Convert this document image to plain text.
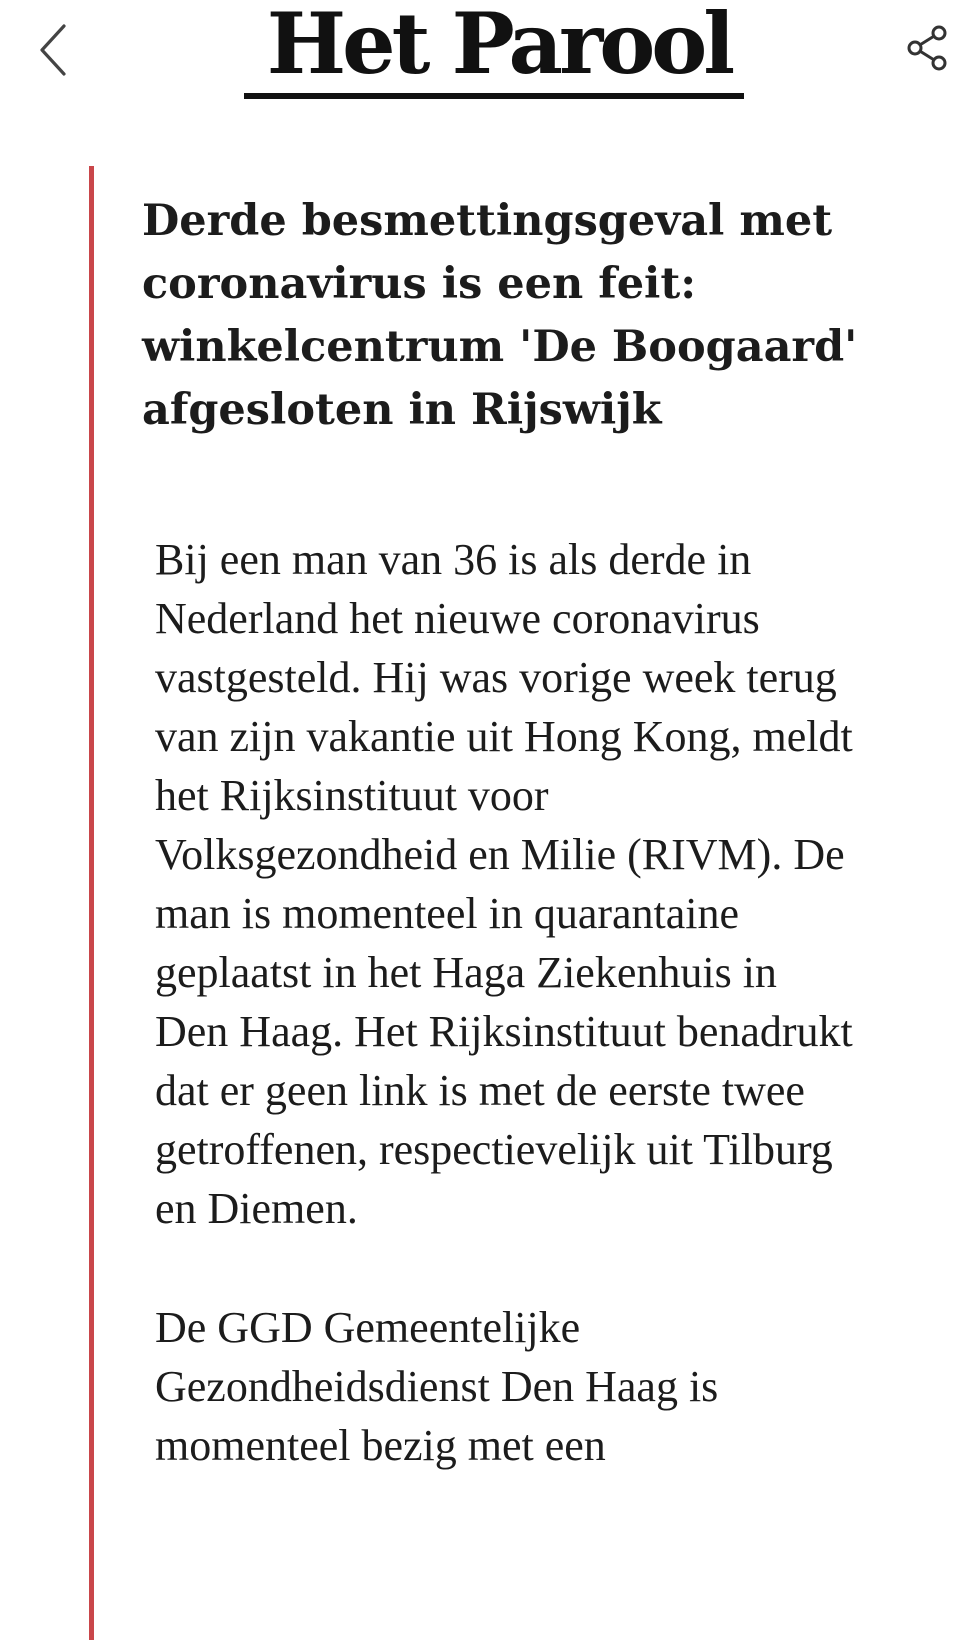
Het Parool
Derde besmettingsgeval met coronavirus is een feit: winkelcentrum 'De Boogaard' afgesloten in Rijswijk

Bij een man van 36 is als derde in Nederland het nieuwe coronavirus vastgesteld. Hij was vorige week terug van zijn vakantie uit Hong Kong, meldt het Rijksinstituut voor Volksgezondheid en Milie (RIVM). De man is momenteel in quarantaine geplaatst in het Haga Ziekenhuis in Den Haag. Het Rijksinstituut benadrukt dat er geen link is met de eerste twee getroffenen, respectievelijk uit Tilburg en Diemen.

De GGD Gemeentelijke Gezondheidsdienst Den Haag is momenteel bezig met een
